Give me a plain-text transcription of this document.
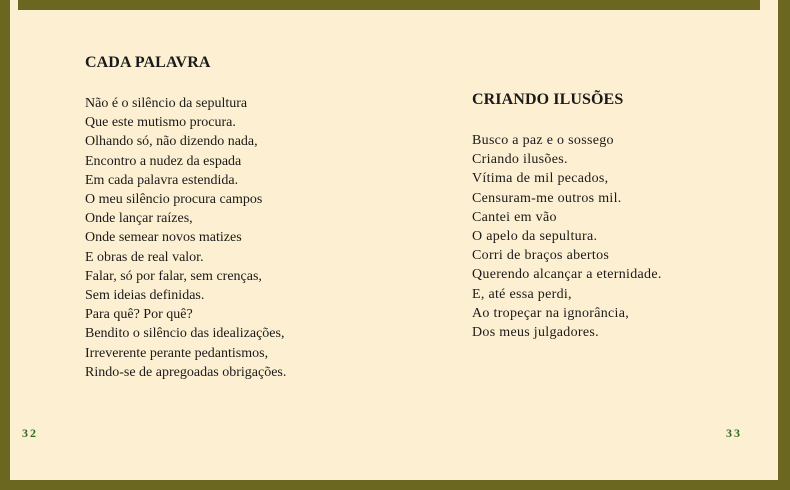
CADA PALAVRA
Não é o silêncio da sepultura
Que este mutismo procura.
Olhando só, não dizendo nada,
Encontro a nudez da espada
Em cada palavra estendida.
O meu silêncio procura campos
Onde lançar raízes,
Onde semear novos matizes
E obras de real valor.
Falar, só por falar, sem crenças,
Sem ideias definidas.
Para quê? Por quê?
Bendito o silêncio das idealizações,
Irreverente perante pedantismos,
Rindo-se de apregoadas obrigações.
CRIANDO ILUSÕES
Busco a paz e o sossego
Criando ilusões.
Vítima de mil pecados,
Censuram-me outros mil.
Cantei em vão
O apelo da sepultura.
Corri de braços abertos
Querendo alcançar a eternidade.
E, até essa perdi,
Ao tropeçar na ignorância,
Dos meus julgadores.
32	33
